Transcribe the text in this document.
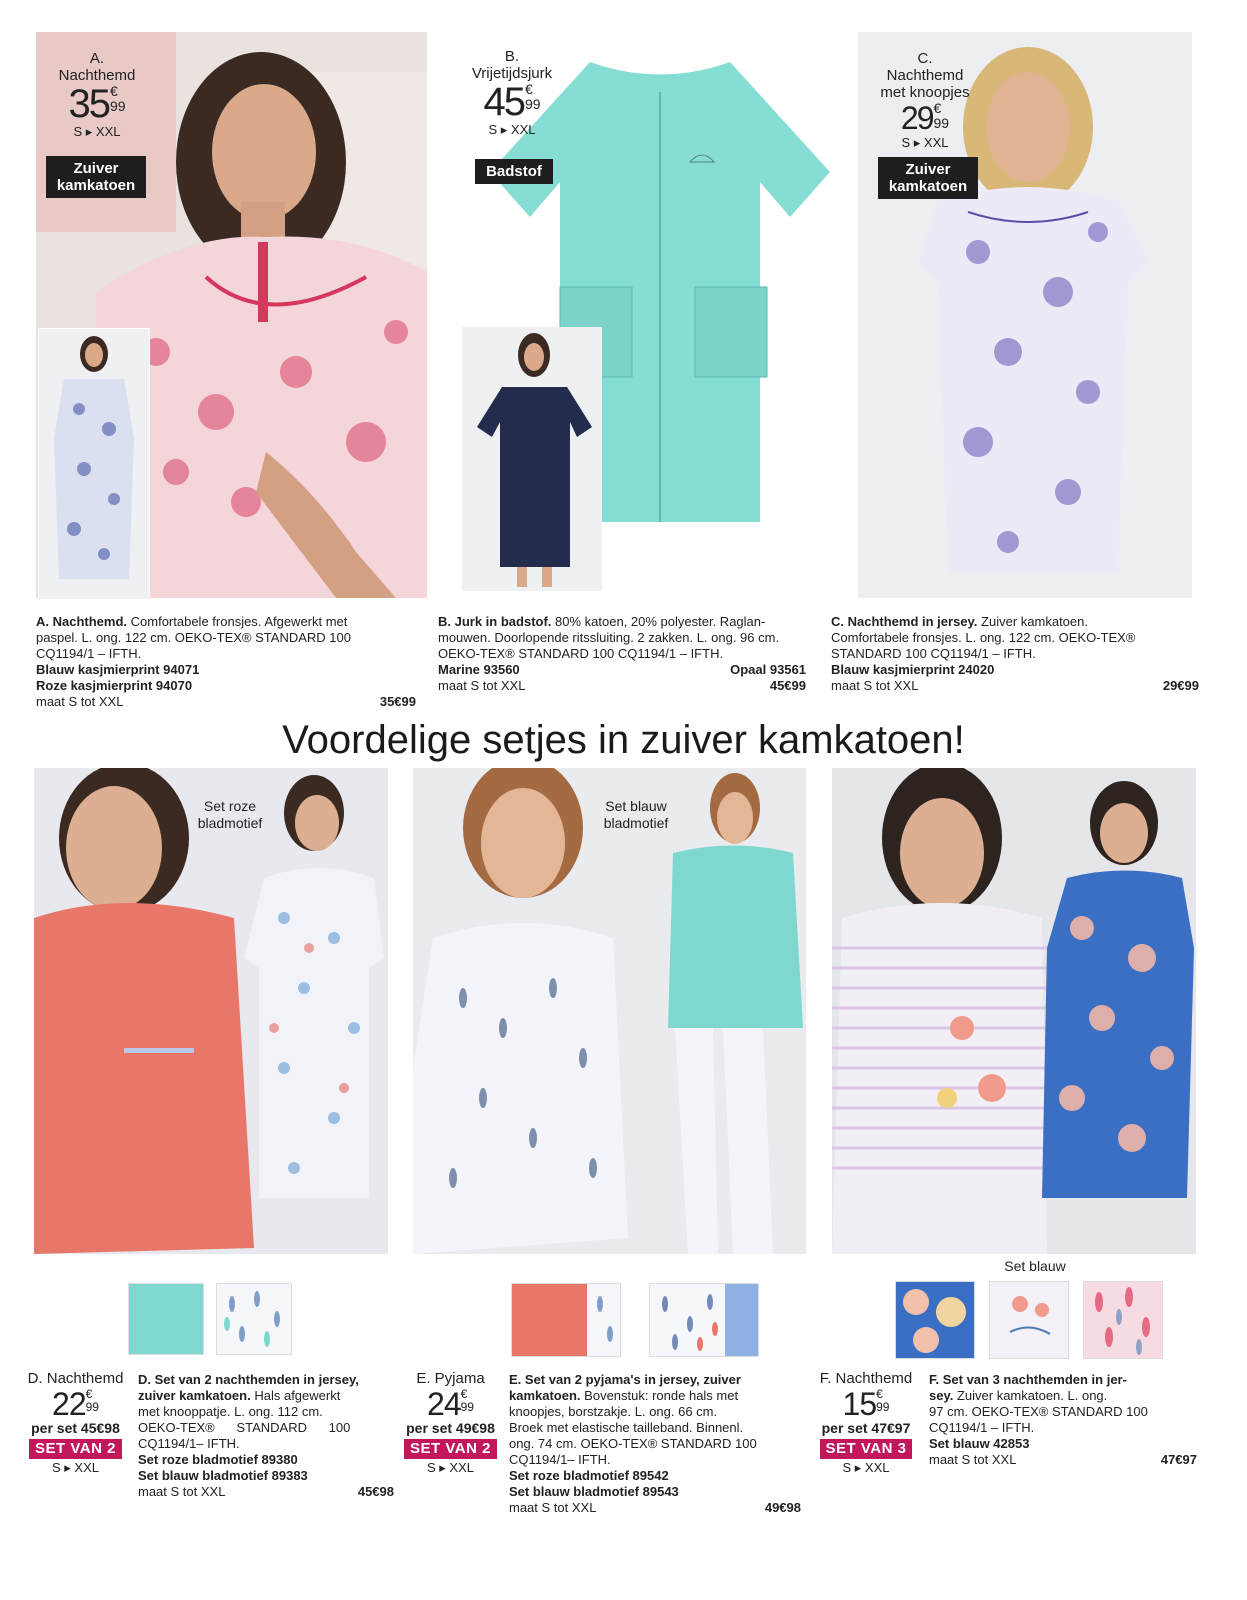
A.
Nachthemd
35€
99
S ▸ XXL
Zuiver
kamkatoen
B.
Vrijetijdsjurk
45€
99
S ▸ XXL
Badstof
C.
Nachthemd
met knoopjes
29€
99
S ▸ XXL
Zuiver
kamkatoen
A. Nachthemd. Comfortabele fronsjes. Afgewerkt met
paspel. L. ong. 122 cm. OEKO-TEX® STANDARD 100
CQ1194/1 – IFTH.
Blauw kasjmierprint 94071
Roze kasjmierprint 94070
maat S tot XXL	35€99
B. Jurk in badstof. 80% katoen, 20% polyester. Raglan-
mouwen. Doorlopende ritssluiting. 2 zakken. L. ong. 96 cm.
OEKO-TEX® STANDARD 100 CQ1194/1 – IFTH.
Marine 93560	Opaal 93561
maat S tot XXL	45€99
C. Nachthemd in jersey. Zuiver kamkatoen.
Comfortabele fronsjes. L. ong. 122 cm. OEKO-TEX®
STANDARD 100 CQ1194/1 – IFTH.
Blauw kasjmierprint 24020
maat S tot XXL	29€99
Voordelige setjes in zuiver kamkatoen!
Set roze
bladmotief
Set blauw
bladmotief
Set blauw
D. Nachthemd
22€
99
per set 45€98
SET VAN 2
S ▸ XXL
E. Pyjama
24€
99
per set 49€98
SET VAN 2
S ▸ XXL
F. Nachthemd
15€
99
per set 47€97
SET VAN 3
S ▸ XXL
D. Set van 2 nachthemden in jersey,
zuiver kamkatoen. Hals afgewerkt
met knooppatje. L. ong. 112 cm.
OEKO-TEX®      STANDARD      100
CQ1194/1– IFTH.
Set roze bladmotief 89380
Set blauw bladmotief 89383
maat S tot XXL	45€98
E. Set van 2 pyjama's in jersey, zuiver
kamkatoen. Bovenstuk: ronde hals met
knoopjes, borstzakje. L. ong. 66 cm.
Broek met elastische tailleband. Binnenl.
ong. 74 cm. OEKO-TEX® STANDARD 100
CQ1194/1– IFTH.
Set roze bladmotief 89542
Set blauw bladmotief 89543
maat S tot XXL	49€98
F. Set van 3 nachthemden in jer-
sey. Zuiver kamkatoen. L. ong.
97 cm. OEKO-TEX® STANDARD 100
CQ1194/1 – IFTH.
Set blauw 42853
maat S tot XXL	47€97
